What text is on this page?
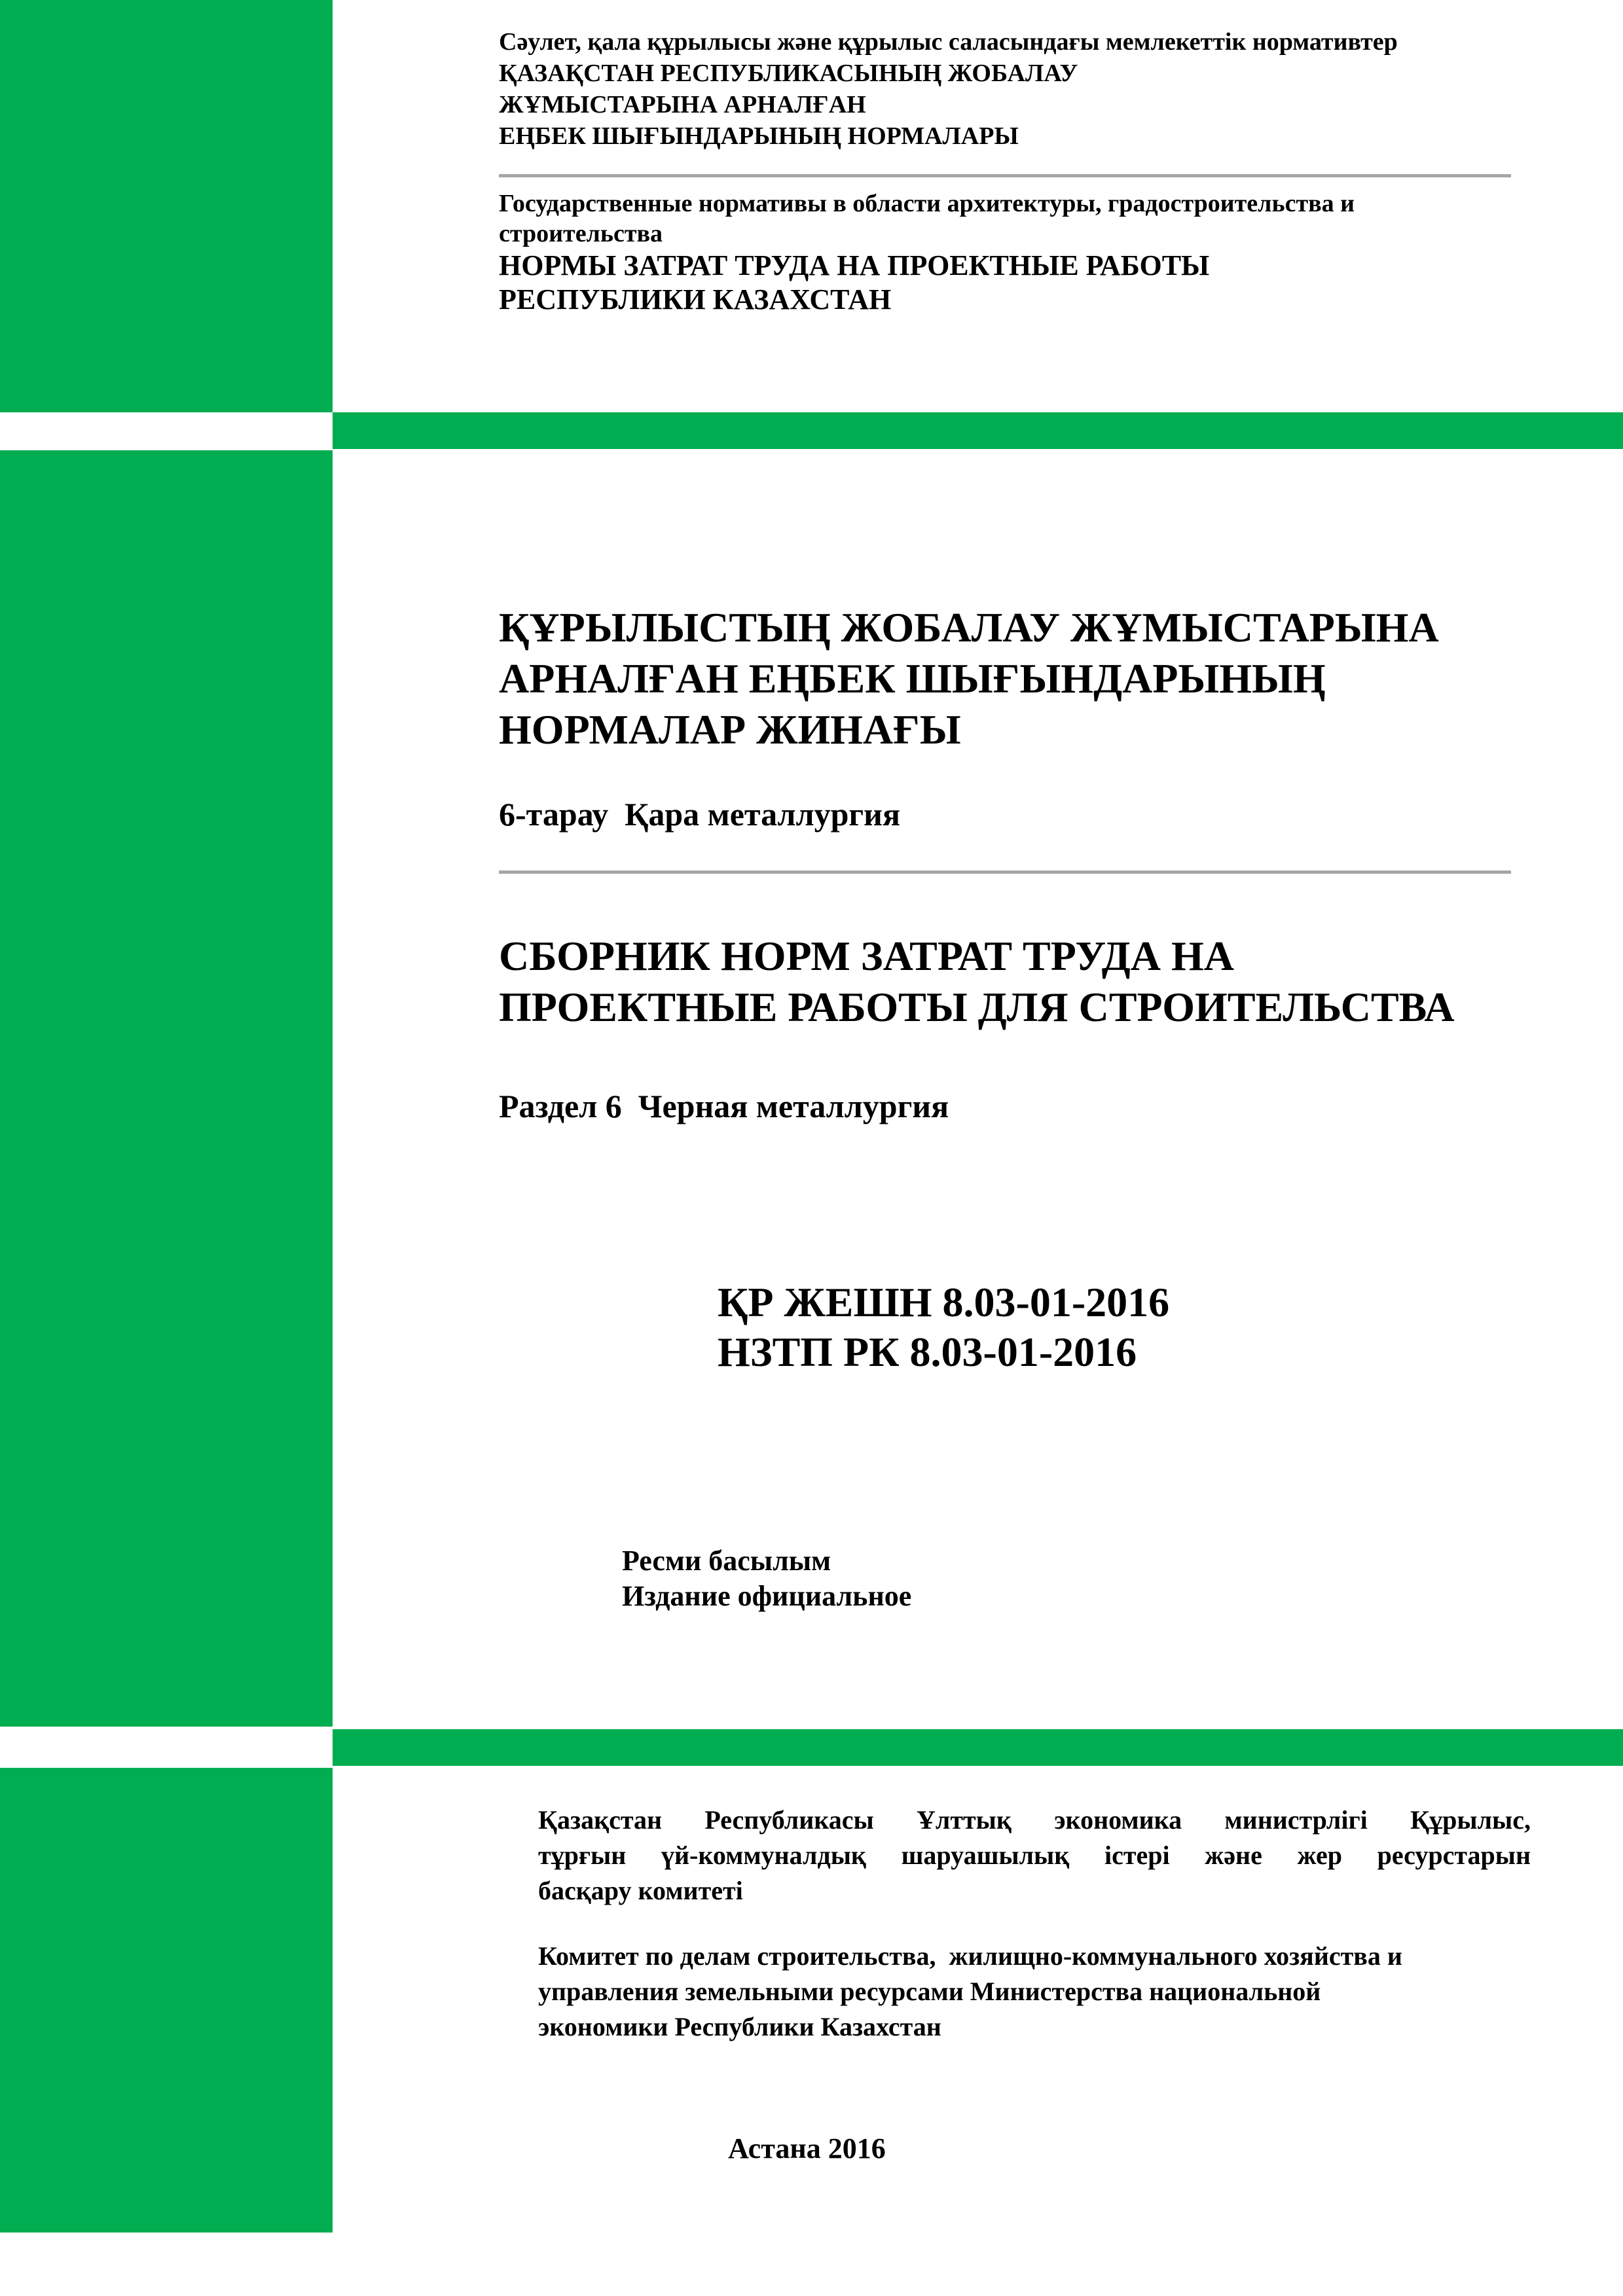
Сәулет, қала құрылысы және құрылыс саласындағы мемлекеттік нормативтер
ҚАЗАҚСТАН РЕСПУБЛИКАСЫНЫҢ ЖОБАЛАУ
ЖҰМЫСТАРЫНА АРНАЛҒАН
ЕҢБЕК ШЫҒЫНДАРЫНЫҢ НОРМАЛАРЫ
Государственные нормативы в области архитектуры, градостроительства и
строительства
НОРМЫ ЗАТРАТ ТРУДА НА ПРОЕКТНЫЕ РАБОТЫ
РЕСПУБЛИКИ КАЗАХСТАН
ҚҰРЫЛЫСТЫҢ ЖОБАЛАУ ЖҰМЫСТАРЫНА
АРНАЛҒАН ЕҢБЕК ШЫҒЫНДАРЫНЫҢ
НОРМАЛАР ЖИНАҒЫ
6-тарау  Қара металлургия
СБОРНИК НОРМ ЗАТРАТ ТРУДА НА
ПРОЕКТНЫЕ РАБОТЫ ДЛЯ СТРОИТЕЛЬСТВА
Раздел 6  Черная металлургия
ҚР ЖЕШН 8.03-01-2016
НЗТП РК 8.03-01-2016
Ресми басылым
Издание официальное
Қазақстан Республикасы Ұлттық экономика министрлігі Құрылыс,
тұрғын үй-коммуналдық шаруашылық істері және жер ресурстарын
басқару комитеті
Комитет по делам строительства,  жилищно-коммунального хозяйства и
управления земельными ресурсами Министерства национальной
экономики Республики Казахстан
Астана 2016
